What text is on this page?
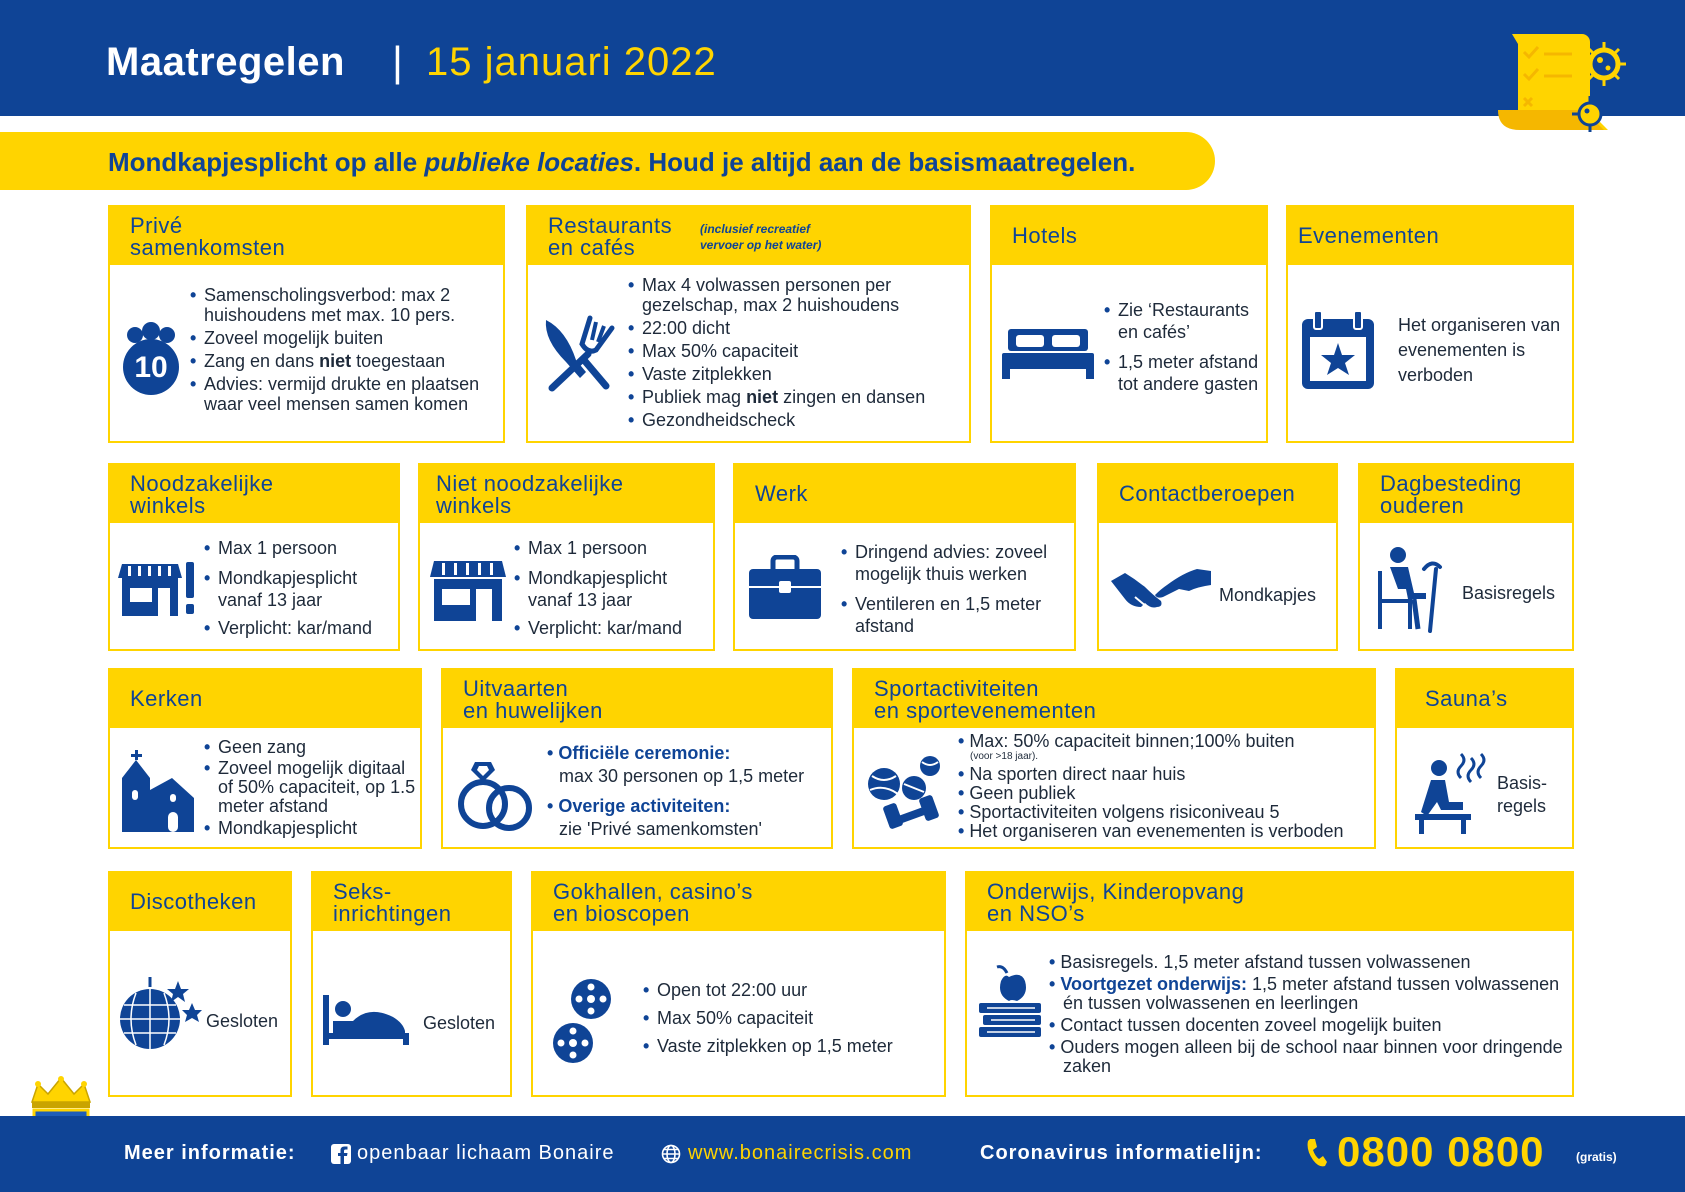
Maatregelen | 15 januari 2022
Mondkapjesplicht op alle publieke locaties. Houd je altijd aan de basismaatregelen.
Privé
samenkomsten
10
• Samenscholingsverbod: max 2 huishoudens met max. 10 pers.
• Zoveel mogelijk buiten
• Zang en dans niet toegestaan
• Advies: vermijd drukte en plaatsen waar veel mensen samen komen
Restaurants
en cafés
(inclusief recreatief
vervoer op het water)
• Max 4 volwassen personen per gezelschap, max 2 huishoudens
• 22:00 dicht
• Max 50% capaciteit
• Vaste zitplekken
• Publiek mag niet zingen en dansen
• Gezondheidscheck
Hotels
• Zie ‘Restaurants en cafés’
• 1,5 meter afstand tot andere gasten
Evenementen
Het organiseren van evenementen is verboden
Noodzakelijke
winkels
• Max 1 persoon
• Mondkapjesplicht vanaf 13 jaar
• Verplicht: kar/mand
Niet noodzakelijke
winkels
• Max 1 persoon
• Mondkapjesplicht vanaf 13 jaar
• Verplicht: kar/mand
Werk
• Dringend advies: zoveel mogelijk thuis werken
• Ventileren en 1,5 meter afstand
Contactberoepen
Mondkapjes
Dagbesteding
ouderen
Basisregels
Kerken
• Geen zang
• Zoveel mogelijk digitaal of 50% capaciteit, op 1.5 meter afstand
• Mondkapjesplicht
Uitvaarten
en huwelijken
• Officiële ceremonie:
max 30 personen op 1,5 meter
• Overige activiteiten:
zie 'Privé samenkomsten'
Sportactiviteiten
en sportevenementen
• Max: 50% capaciteit binnen;100% buiten
(voor >18 jaar).
• Na sporten direct naar huis
• Geen publiek
• Sportactiviteiten volgens risiconiveau 5
• Het organiseren van evenementen is verboden
Sauna’s
Basis-
regels
Discotheken
Gesloten
Seks-
inrichtingen
Gesloten
Gokhallen, casino’s
en bioscopen
• Open tot 22:00 uur
• Max 50% capaciteit
• Vaste zitplekken op 1,5 meter
Onderwijs, Kinderopvang
en NSO’s
• Basisregels. 1,5 meter afstand tussen volwassenen
• Voortgezet onderwijs: 1,5 meter afstand tussen volwassenen én tussen volwassenen en leerlingen
• Contact tussen docenten zoveel mogelijk buiten
• Ouders mogen alleen bij de school naar binnen voor dringende zaken
Meer informatie:	openbaar lichaam Bonaire	www.bonairecrisis.com	Coronavirus informatielijn: 0800 0800	(gratis)
